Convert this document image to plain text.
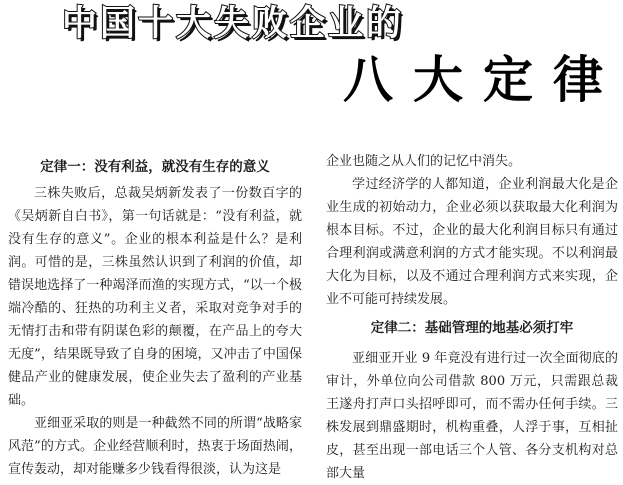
中国十大失败企业的
八大定律
定律一：没有利益，就没有生存的意义

三株失败后，总裁吴炳新发表了一份数百字的《吴炳新自白书》，第一句话就是：“没有利益，就没有生存的意义”。企业的根本利益是什么？是利润。可惜的是，三株虽然认识到了利润的价值，却错误地选择了一种竭泽而渔的实现方式，“以一个极端冷酷的、狂热的功利主义者，采取对竞争对手的无情打击和带有阴谋色彩的颠覆，在产品上的夸大无度”，结果既导致了自身的困境，又冲击了中国保健品产业的健康发展，使企业失去了盈利的产业基础。

亚细亚采取的则是一种截然不同的所谓“战略家风范”的方式。企业经营顺利时，热衷于场面热闹，宣传轰动，却对能赚多少钱看得很淡，认为这是

企业也随之从人们的记忆中消失。

学过经济学的人都知道，企业利润最大化是企业生成的初始动力，企业必须以获取最大化利润为根本目标。不过，企业的最大化利润目标只有通过合理利润或满意利润的方式才能实现。不以利润最大化为目标，以及不通过合理利润方式来实现，企业不可能可持续发展。

定律二：基础管理的地基必须打牢

亚细亚开业 9 年竟没有进行过一次全面彻底的审计，外单位向公司借款 800 万元，只需跟总裁王遂舟打声口头招呼即可，而不需办任何手续。三株发展到鼎盛期时，机构重叠，人浮于事，互相扯皮，甚至出现一部电话三个人管、各分支机构对总部大量
